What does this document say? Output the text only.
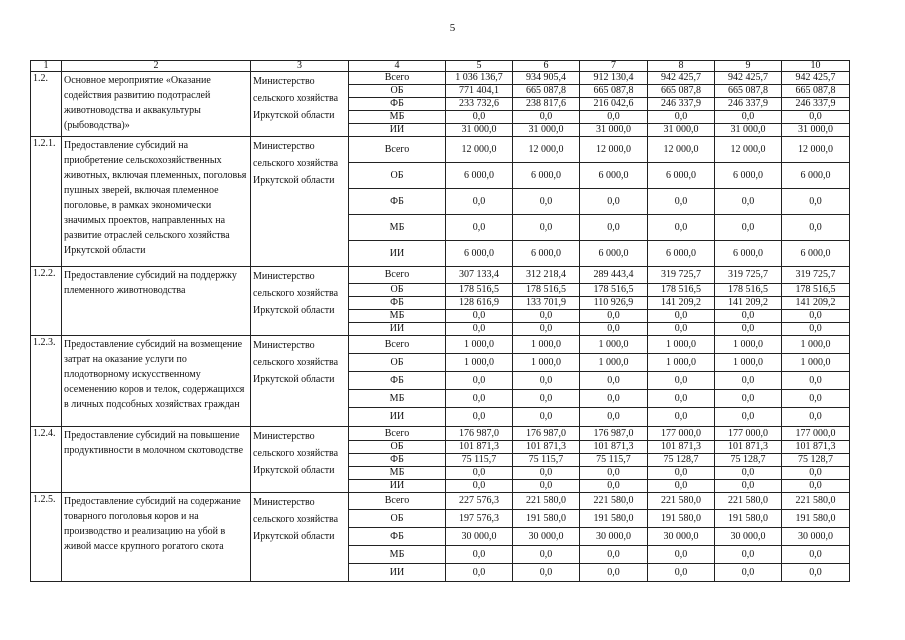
5
1	2	3	4	5	6	7	8	9	10
1.2.	Основное мероприятие «Оказание содействия развитию подотраслей животноводства и аквакультуры (рыбоводства)»	Министерство сельского хозяйства Иркутской области	Всего	1 036 136,7	934 905,4	912 130,4	942 425,7	942 425,7	942 425,7
			ОБ	771 404,1	665 087,8	665 087,8	665 087,8	665 087,8	665 087,8
			ФБ	233 732,6	238 817,6	216 042,6	246 337,9	246 337,9	246 337,9
			МБ	0,0	0,0	0,0	0,0	0,0	0,0
			ИИ	31 000,0	31 000,0	31 000,0	31 000,0	31 000,0	31 000,0
1.2.1.	Предоставление субсидий на приобретение сельскохозяйственных животных, включая племенных, поголовья пушных зверей, включая племенное поголовье, в рамках экономически значимых проектов, направленных на развитие отраслей сельского хозяйства Иркутской области	Министерство сельского хозяйства Иркутской области	Всего	12 000,0	12 000,0	12 000,0	12 000,0	12 000,0	12 000,0
			ОБ	6 000,0	6 000,0	6 000,0	6 000,0	6 000,0	6 000,0
			ФБ	0,0	0,0	0,0	0,0	0,0	0,0
			МБ	0,0	0,0	0,0	0,0	0,0	0,0
			ИИ	6 000,0	6 000,0	6 000,0	6 000,0	6 000,0	6 000,0
1.2.2.	Предоставление субсидий на поддержку племенного животноводства	Министерство сельского хозяйства Иркутской области	Всего	307 133,4	312 218,4	289 443,4	319 725,7	319 725,7	319 725,7
			ОБ	178 516,5	178 516,5	178 516,5	178 516,5	178 516,5	178 516,5
			ФБ	128 616,9	133 701,9	110 926,9	141 209,2	141 209,2	141 209,2
			МБ	0,0	0,0	0,0	0,0	0,0	0,0
			ИИ	0,0	0,0	0,0	0,0	0,0	0,0
1.2.3.	Предоставление субсидий на возмещение затрат на оказание услуги по плодотворному искусственному осеменению коров и телок, содержащихся в личных подсобных хозяйствах граждан	Министерство сельского хозяйства Иркутской области	Всего	1 000,0	1 000,0	1 000,0	1 000,0	1 000,0	1 000,0
			ОБ	1 000,0	1 000,0	1 000,0	1 000,0	1 000,0	1 000,0
			ФБ	0,0	0,0	0,0	0,0	0,0	0,0
			МБ	0,0	0,0	0,0	0,0	0,0	0,0
			ИИ	0,0	0,0	0,0	0,0	0,0	0,0
1.2.4.	Предоставление субсидий на повышение продуктивности в молочном скотоводстве	Министерство сельского хозяйства Иркутской области	Всего	176 987,0	176 987,0	176 987,0	177 000,0	177 000,0	177 000,0
			ОБ	101 871,3	101 871,3	101 871,3	101 871,3	101 871,3	101 871,3
			ФБ	75 115,7	75 115,7	75 115,7	75 128,7	75 128,7	75 128,7
			МБ	0,0	0,0	0,0	0,0	0,0	0,0
			ИИ	0,0	0,0	0,0	0,0	0,0	0,0
1.2.5.	Предоставление субсидий на содержание товарного поголовья коров и на производство и реализацию на убой в живой массе крупного рогатого скота	Министерство сельского хозяйства Иркутской области	Всего	227 576,3	221 580,0	221 580,0	221 580,0	221 580,0	221 580,0
			ОБ	197 576,3	191 580,0	191 580,0	191 580,0	191 580,0	191 580,0
			ФБ	30 000,0	30 000,0	30 000,0	30 000,0	30 000,0	30 000,0
			МБ	0,0	0,0	0,0	0,0	0,0	0,0
			ИИ	0,0	0,0	0,0	0,0	0,0	0,0
